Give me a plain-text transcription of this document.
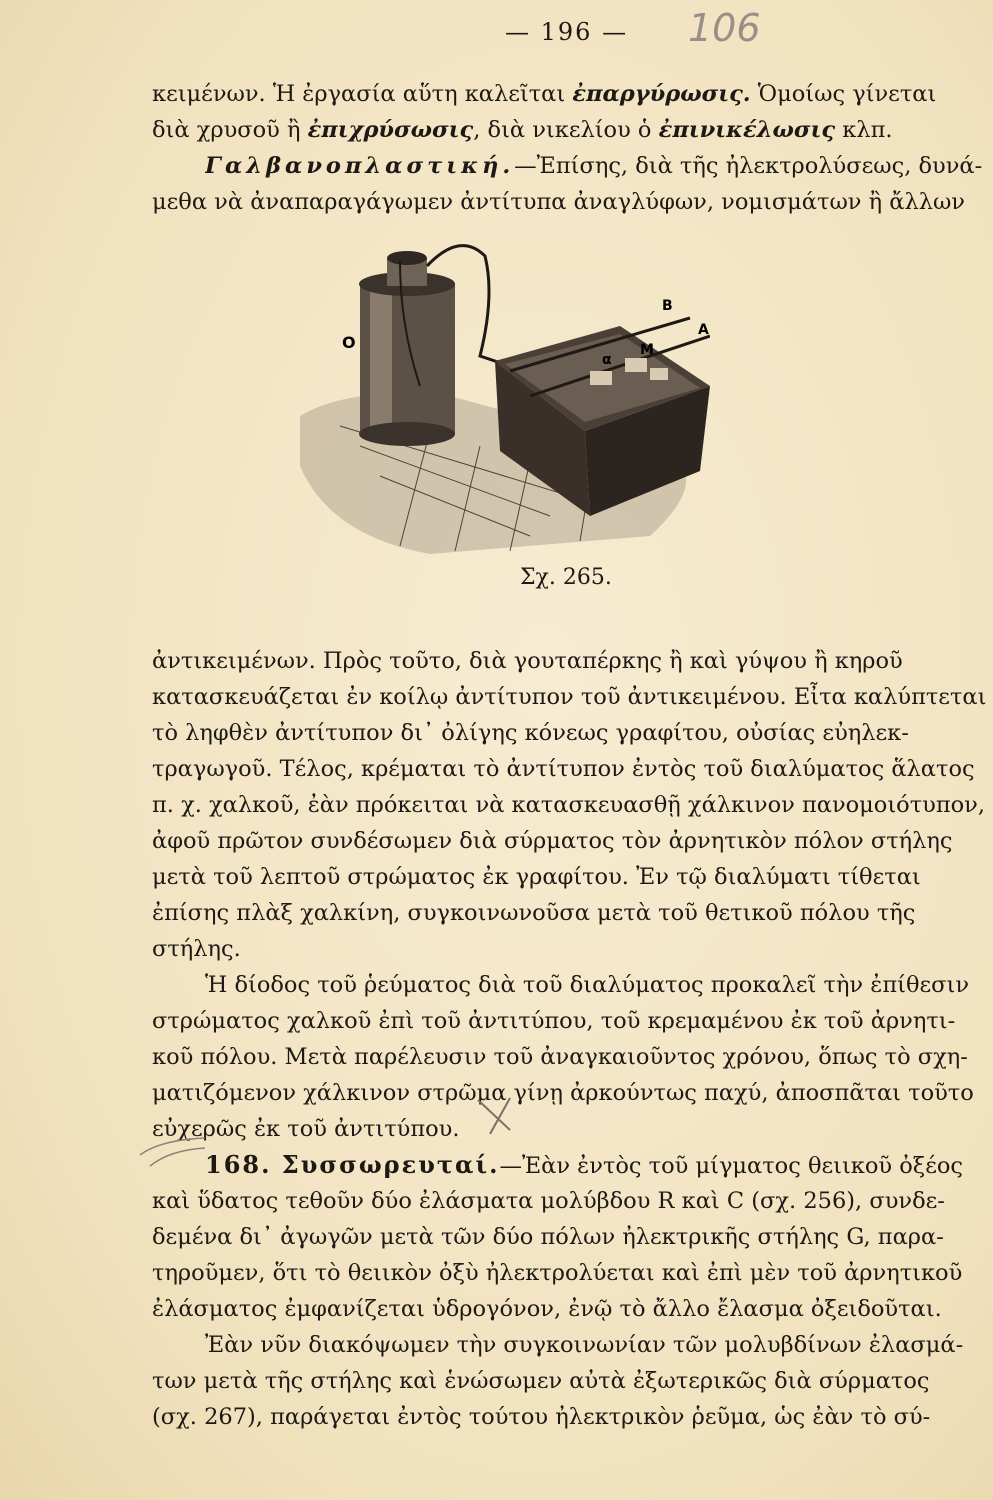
— 196 — 106
κειμένων. Ἡ ἐργασία αὕτη καλεῖται ἐπαργύρωσις. Ὁμοίως γίνεται
διὰ χρυσοῦ ἢ ἐπιχρύσωσις, διὰ νικελίου ὁ ἐπινικέλωσις κλπ.
Γαλβανοπλαστική.—Ἐπίσης, διὰ τῆς ἠλεκτρολύσεως, δυνά-
μεθα νὰ ἀναπαραγάγωμεν ἀντίτυπα ἀναγλύφων, νομισμάτων ἢ ἄλλων
O
B
A
M
α
Σχ. 265.
ἀντικειμένων. Πρὸς τοῦτο, διὰ γουταπέρκης ἢ καὶ γύψου ἢ κηροῦ
κατασκευάζεται ἐν κοίλῳ ἀντίτυπον τοῦ ἀντικειμένου. Εἶτα καλύπτεται
τὸ ληφθὲν ἀντίτυπον δι᾽ ὀλίγης κόνεως γραφίτου, οὐσίας εὐηλεκ-
τραγωγοῦ. Τέλος, κρέμαται τὸ ἀντίτυπον ἐντὸς τοῦ διαλύματος ἅλατος
π. χ. χαλκοῦ, ἐὰν πρόκειται νὰ κατασκευασθῇ χάλκινον πανομοιότυπον,
ἀφοῦ πρῶτον συνδέσωμεν διὰ σύρματος τὸν ἀρνητικὸν πόλον στήλης
μετὰ τοῦ λεπτοῦ στρώματος ἐκ γραφίτου. Ἐν τῷ διαλύματι τίθεται
ἐπίσης πλὰξ χαλκίνη, συγκοινωνοῦσα μετὰ τοῦ θετικοῦ πόλου τῆς
στήλης.
Ἡ δίοδος τοῦ ῥεύματος διὰ τοῦ διαλύματος προκαλεῖ τὴν ἐπίθεσιν
στρώματος χαλκοῦ ἐπὶ τοῦ ἀντιτύπου, τοῦ κρεμαμένου ἐκ τοῦ ἀρνητι-
κοῦ πόλου. Μετὰ παρέλευσιν τοῦ ἀναγκαιοῦντος χρόνου, ὅπως τὸ σχη-
ματιζόμενον χάλκινον στρῶμα γίνῃ ἀρκούντως παχύ, ἀποσπᾶται τοῦτο
εὐχερῶς ἐκ τοῦ ἀντιτύπου.
168. Συσσωρευταί.—Ἐὰν ἐντὸς τοῦ μίγματος θειικοῦ ὀξέος
καὶ ὕδατος τεθοῦν δύο ἐλάσματα μολύβδου R καὶ C (σχ. 256), συνδε-
δεμένα δι᾽ ἀγωγῶν μετὰ τῶν δύο πόλων ἠλεκτρικῆς στήλης G, παρα-
τηροῦμεν, ὅτι τὸ θειικὸν ὀξὺ ἠλεκτρολύεται καὶ ἐπὶ μὲν τοῦ ἀρνητικοῦ
ἐλάσματος ἐμφανίζεται ὑδρογόνον, ἐνῷ τὸ ἄλλο ἔλασμα ὀξειδοῦται.
Ἐὰν νῦν διακόψωμεν τὴν συγκοινωνίαν τῶν μολυβδίνων ἐλασμά-
των μετὰ τῆς στήλης καὶ ἑνώσωμεν αὐτὰ ἐξωτερικῶς διὰ σύρματος
(σχ. 267), παράγεται ἐντὸς τούτου ἠλεκτρικὸν ῥεῦμα, ὡς ἐὰν τὸ σύ-
